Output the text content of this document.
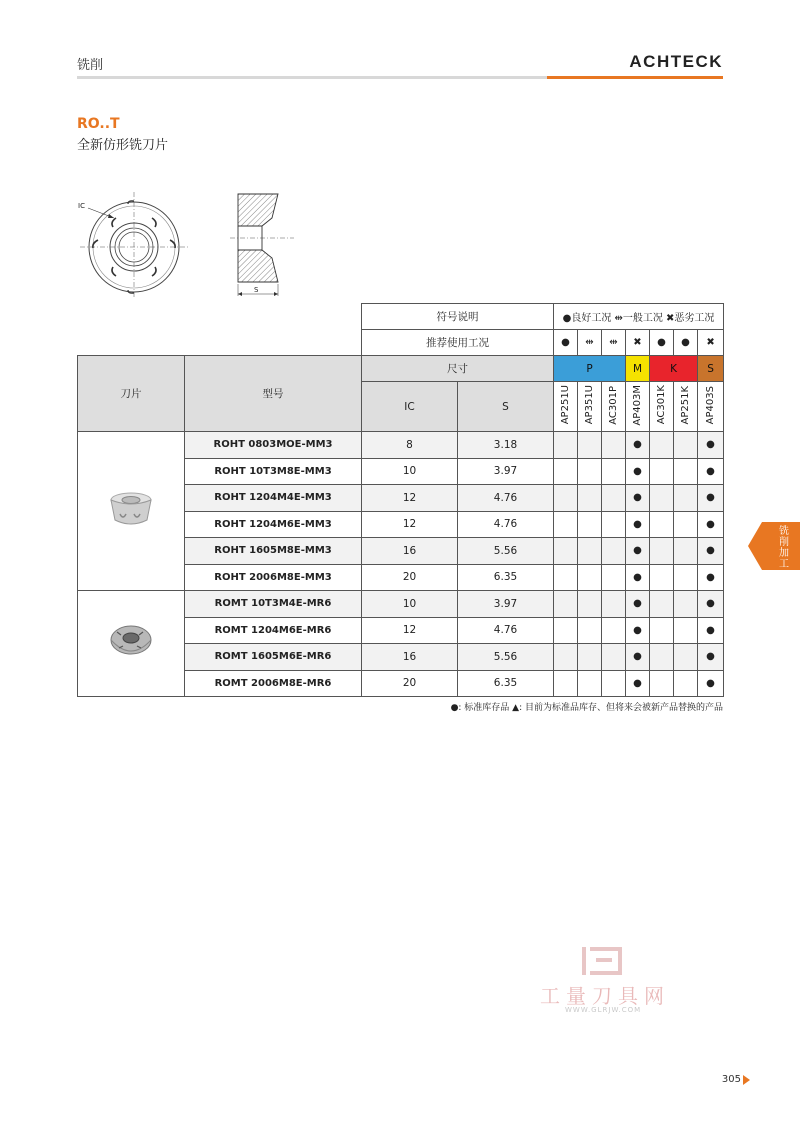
铣削	ACHTECK
RO..T
全新仿形铣刀片
IC
S
符号说明	●良好工况 ⇹一般工况 ✖恶劣工况						
推荐使用工况	●	⇹	⇹	✖	●	●	✖
刀片	型号	尺寸		P			M	K		S
		IC	S	AP251U	AP351U	AC301P	AP403M	AC301K	AP251K	AP403S
	ROHT 0803MOE-MM3	8	3.18				●			●
	ROHT 10T3M8E-MM3	10	3.97				●			●
	ROHT 1204M4E-MM3	12	4.76				●			●
	ROHT 1204M6E-MM3	12	4.76				●			●
	ROHT 1605M8E-MM3	16	5.56				●			●
	ROHT 2006M8E-MM3	20	6.35				●			●
	ROMT 10T3M4E-MR6	10	3.97				●			●
	ROMT 1204M6E-MR6	12	4.76				●			●
	ROMT 1605M6E-MR6	16	5.56				●			●
	ROMT 2006M8E-MR6	20	6.35				●			●
●: 标准库存品 ▲: 目前为标准品库存、但将来会被新产品替换的产品
铣
削
加
工
工量刀具网
WWW.GLRJW.COM
305
